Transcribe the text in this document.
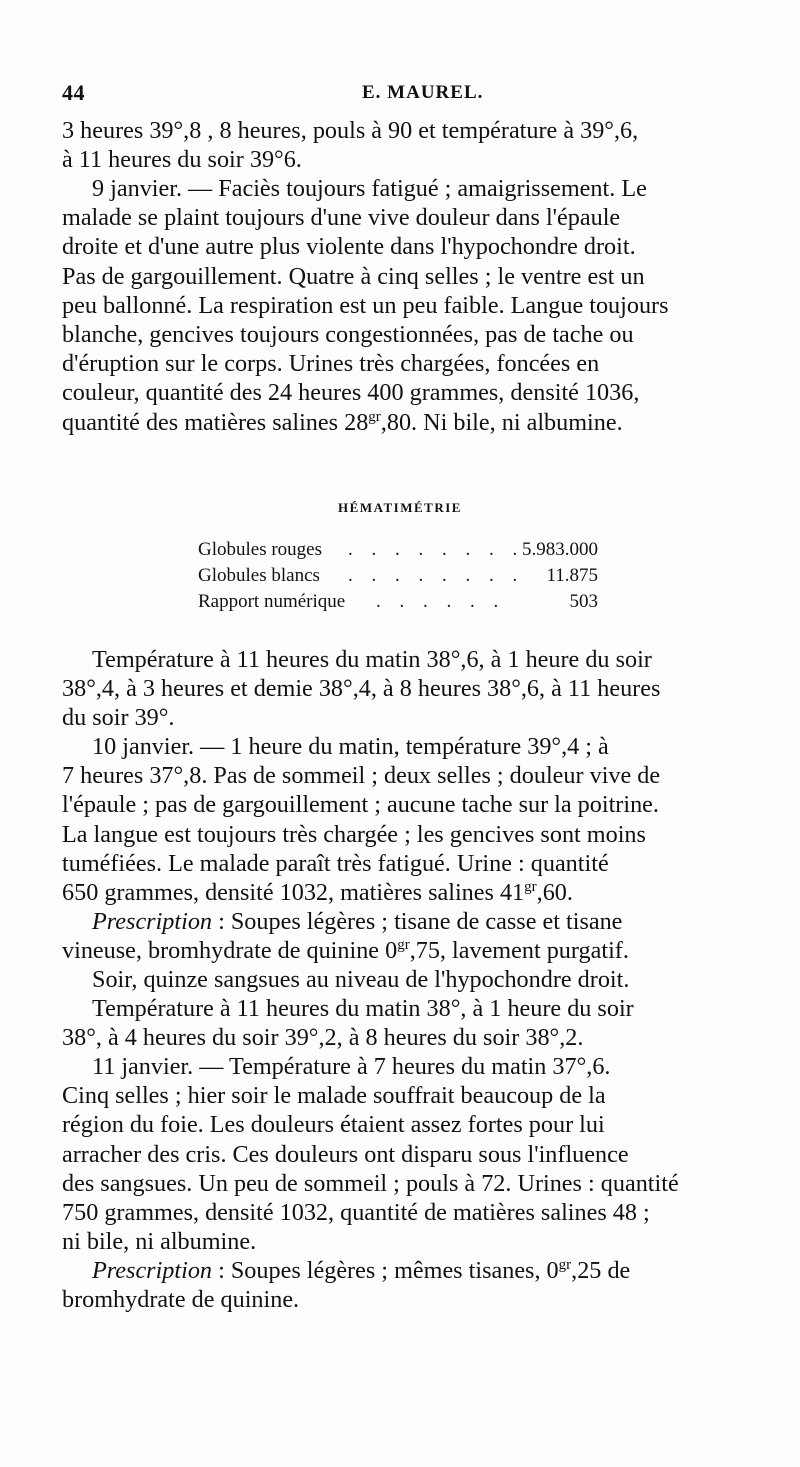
44	E. MAUREL.
3 heures 39°,8 , 8 heures, pouls à 90 et température à 39°,6,
à 11 heures du soir 39°6.
9 janvier. — Faciès toujours fatigué ; amaigrissement. Le
malade se plaint toujours d'une vive douleur dans l'épaule
droite et d'une autre plus violente dans l'hypochondre droit.
Pas de gargouillement. Quatre à cinq selles ; le ventre est un
peu ballonné. La respiration est un peu faible. Langue toujours
blanche, gencives toujours congestionnées, pas de tache ou
d'éruption sur le corps. Urines très chargées, foncées en
couleur, quantité des 24 heures 400 grammes, densité 1036,
quantité des matières salines $28^{gr},80$. Ni bile, ni albumine.
HÉMATIMÉTRIE
Globules rouges . . . . . . . .
5.983.000
Globules blancs . . . . . . . . 11.875
Rapport numérique . . . . . .	503
Température à 11 heures du matin 38°,6, à 1 heure du soir
38°,4, à 3 heures et demie 38°,4, à 8 heures 38°,6, à 11 heures
du soir 39°.
10 janvier. — 1 heure du matin, température 39°,4 ; à
7 heures 37°,8. Pas de sommeil ; deux selles ; douleur vive de
l'épaule ; pas de gargouillement ; aucune tache sur la poitrine.
La langue est toujours très chargée ; les gencives sont moins
tuméfiées. Le malade paraît très fatigué. Urine : quantité
650 grammes, densité 1032, matières salines $41^{gr},60$.
Prescription : Soupes légères ; tisane de casse et tisane
vineuse, bromhydrate de quinine $0^{gr},75$, lavement purgatif.
Soir, quinze sangsues au niveau de l'hypochondre droit.
Température à 11 heures du matin 38°, à 1 heure du soir
38°, à 4 heures du soir 39°,2, à 8 heures du soir 38°,2.
11 janvier. — Température à 7 heures du matin 37°,6.
Cinq selles ; hier soir le malade souffrait beaucoup de la
région du foie. Les douleurs étaient assez fortes pour lui
arracher des cris. Ces douleurs ont disparu sous l'influence
des sangsues. Un peu de sommeil ; pouls à 72. Urines : quantité
750 grammes, densité 1032, quantité de matières salines 48 ;
ni bile, ni albumine.
Prescription : Soupes légères ; mêmes tisanes, $0^{gr},25$ de
bromhydrate de quinine.
